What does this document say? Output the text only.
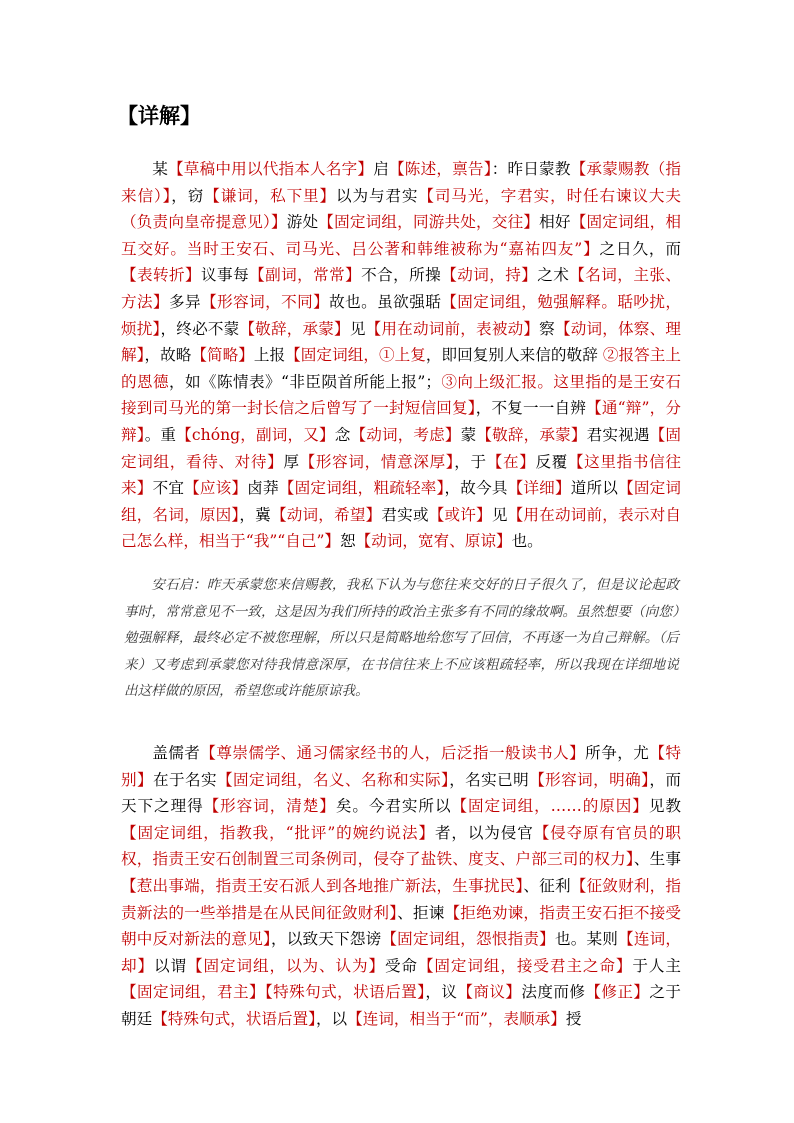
【详解】
某【草稿中用以代指本人名字】启【陈述，禀告】：昨日蒙教【承蒙赐教（指来信）】，窃【谦词，私下里】以为与君实【司马光，字君实，时任右谏议大夫（负责向皇帝提意见）】游处【固定词组，同游共处，交往】相好【固定词组，相互交好。当时王安石、司马光、吕公著和韩维被称为“嘉祐四友”】之日久，而【表转折】议事每【副词，常常】不合，所操【动词，持】之术【名词，主张、方法】多异【形容词，不同】故也。虽欲强聒【固定词组，勉强解释。聒吵扰，烦扰】，终必不蒙【敬辞，承蒙】见【用在动词前，表被动】察【动词，体察、理解】，故略【简略】上报【固定词组，①上复，即回复别人来信的敬辞 ②报答主上的恩德，如《陈情表》“非臣陨首所能上报”；③向上级汇报。这里指的是王安石接到司马光的第一封长信之后曾写了一封短信回复】，不复一一自辨【通“辩”，分辩】。重【chóng，副词，又】念【动词，考虑】蒙【敬辞，承蒙】君实视遇【固定词组，看待、对待】厚【形容词，情意深厚】，于【在】反覆【这里指书信往来】不宜【应该】卤莽【固定词组，粗疏轻率】，故今具【详细】道所以【固定词组，名词，原因】，冀【动词，希望】君实或【或许】见【用在动词前，表示对自己怎么样，相当于“我”“自己”】恕【动词，宽宥、原谅】也。
安石启：昨天承蒙您来信赐教，我私下认为与您往来交好的日子很久了，但是议论起政事时，常常意见不一致，这是因为我们所持的政治主张多有不同的缘故啊。虽然想要（向您）勉强解释，最终必定不被您理解，所以只是简略地给您写了回信，不再逐一为自己辩解。（后来）又考虑到承蒙您对待我情意深厚，在书信往来上不应该粗疏轻率，所以我现在详细地说出这样做的原因，希望您或许能原谅我。
盖儒者【尊崇儒学、通习儒家经书的人，后泛指一般读书人】所争，尤【特别】在于名实【固定词组，名义、名称和实际】，名实已明【形容词，明确】，而天下之理得【形容词，清楚】矣。今君实所以【固定词组，……的原因】见教【固定词组，指教我，“批评”的婉约说法】者，以为侵官【侵夺原有官员的职权，指责王安石创制置三司条例司，侵夺了盐铁、度支、户部三司的权力】、生事【惹出事端，指责王安石派人到各地推广新法，生事扰民】、征利【征敛财利，指责新法的一些举措是在从民间征敛财利】、拒谏【拒绝劝谏，指责王安石拒不接受朝中反对新法的意见】，以致天下怨谤【固定词组，怨恨指责】也。某则【连词，却】以谓【固定词组，以为、认为】受命【固定词组，接受君主之命】于人主【固定词组，君主】【特殊句式，状语后置】，议【商议】法度而修【修正】之于朝廷【特殊句式，状语后置】，以【连词，相当于“而”，表顺承】授
